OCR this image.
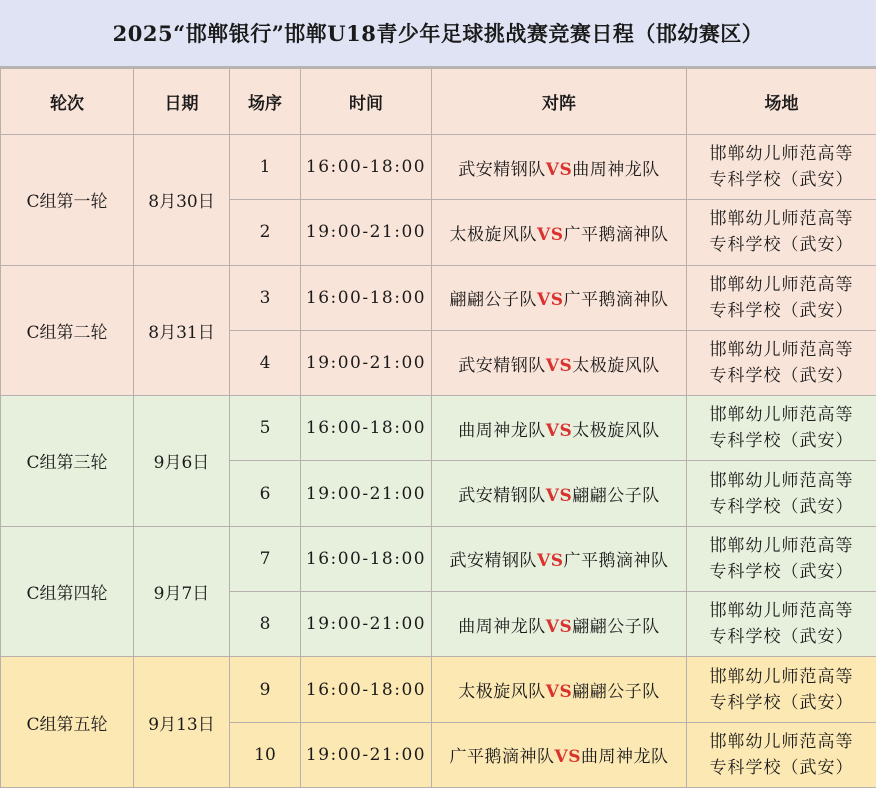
2025“邯郸银行”邯郸U18青少年足球挑战赛竞赛日程（邯幼赛区）
轮次	日期	场序	时间	对阵	场地
C组第一轮	8月30日	1	16:00-18:00	武安精钢队VS曲周神龙队	邯郸幼儿师范高等
专科学校（武安）

		2	19:00-21:00	太极旋风队VS广平鹅滴神队	邯郸幼儿师范高等
专科学校（武安）

C组第二轮	8月31日	3	16:00-18:00	翩翩公子队VS广平鹅滴神队	邯郸幼儿师范高等
专科学校（武安）

		4	19:00-21:00	武安精钢队VS太极旋风队	邯郸幼儿师范高等
专科学校（武安）

C组第三轮	9月6日	5	16:00-18:00	曲周神龙队VS太极旋风队	邯郸幼儿师范高等
专科学校（武安）

		6	19:00-21:00	武安精钢队VS翩翩公子队	邯郸幼儿师范高等
专科学校（武安）

C组第四轮	9月7日	7	16:00-18:00	武安精钢队VS广平鹅滴神队	邯郸幼儿师范高等
专科学校（武安）

		8	19:00-21:00	曲周神龙队VS翩翩公子队	邯郸幼儿师范高等
专科学校（武安）

C组第五轮	9月13日	9	16:00-18:00	太极旋风队VS翩翩公子队	邯郸幼儿师范高等
专科学校（武安）

		10	19:00-21:00	广平鹅滴神队VS曲周神龙队	邯郸幼儿师范高等
专科学校（武安）
